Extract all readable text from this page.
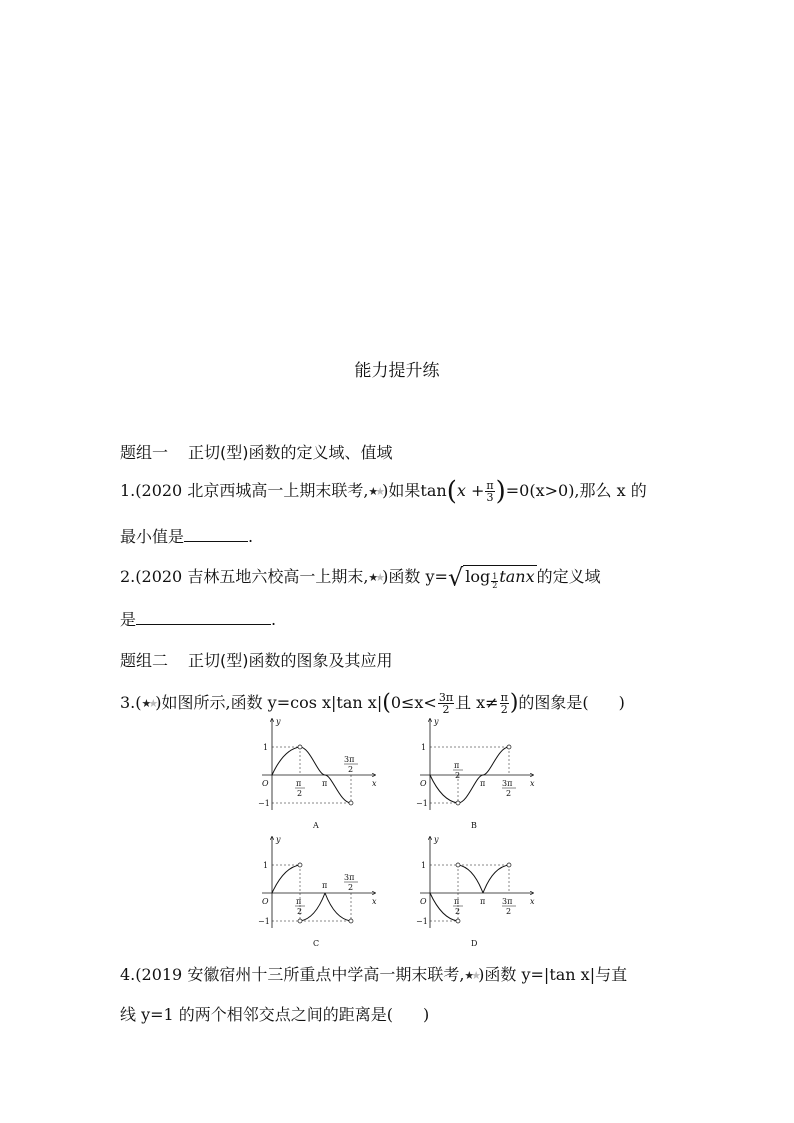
能力提升练
题组一 正切(型)函数的定义域、值域
1.(2020 北京西城高一上期末联考,★★)如果$\tan(x + \frac{\pi}{3} )=0(x>0)$,那么 x 的
最小值是	.
2.(2020 吉林五地六校高一上期末,★★)函数 y=√ $\log \frac{1}{2}$ tanx 的定义域
是	.
题组二 正切(型)函数的图象及其应用
3.(★★)如图所示,函数 y=cos x|tan $x|(0\le x< \frac{3\pi}{2}$ 且 $x\ne \frac{\pi}{2}$ )的图象是( )
y
x
O
1
−1
π
2
π
3π
2
A
y
x
O
1
−1
π
2
π 3π
2
B
y
x
O
1
−1
π
2
π
3π
2
C
y
x
O
1
−1
π
2
π 3π
2
D
4.(2019 安徽宿州十三所重点中学高一期末联考,★★)函数 y=|tan x|与直
线 y=1 的两个相邻交点之间的距离是( )
